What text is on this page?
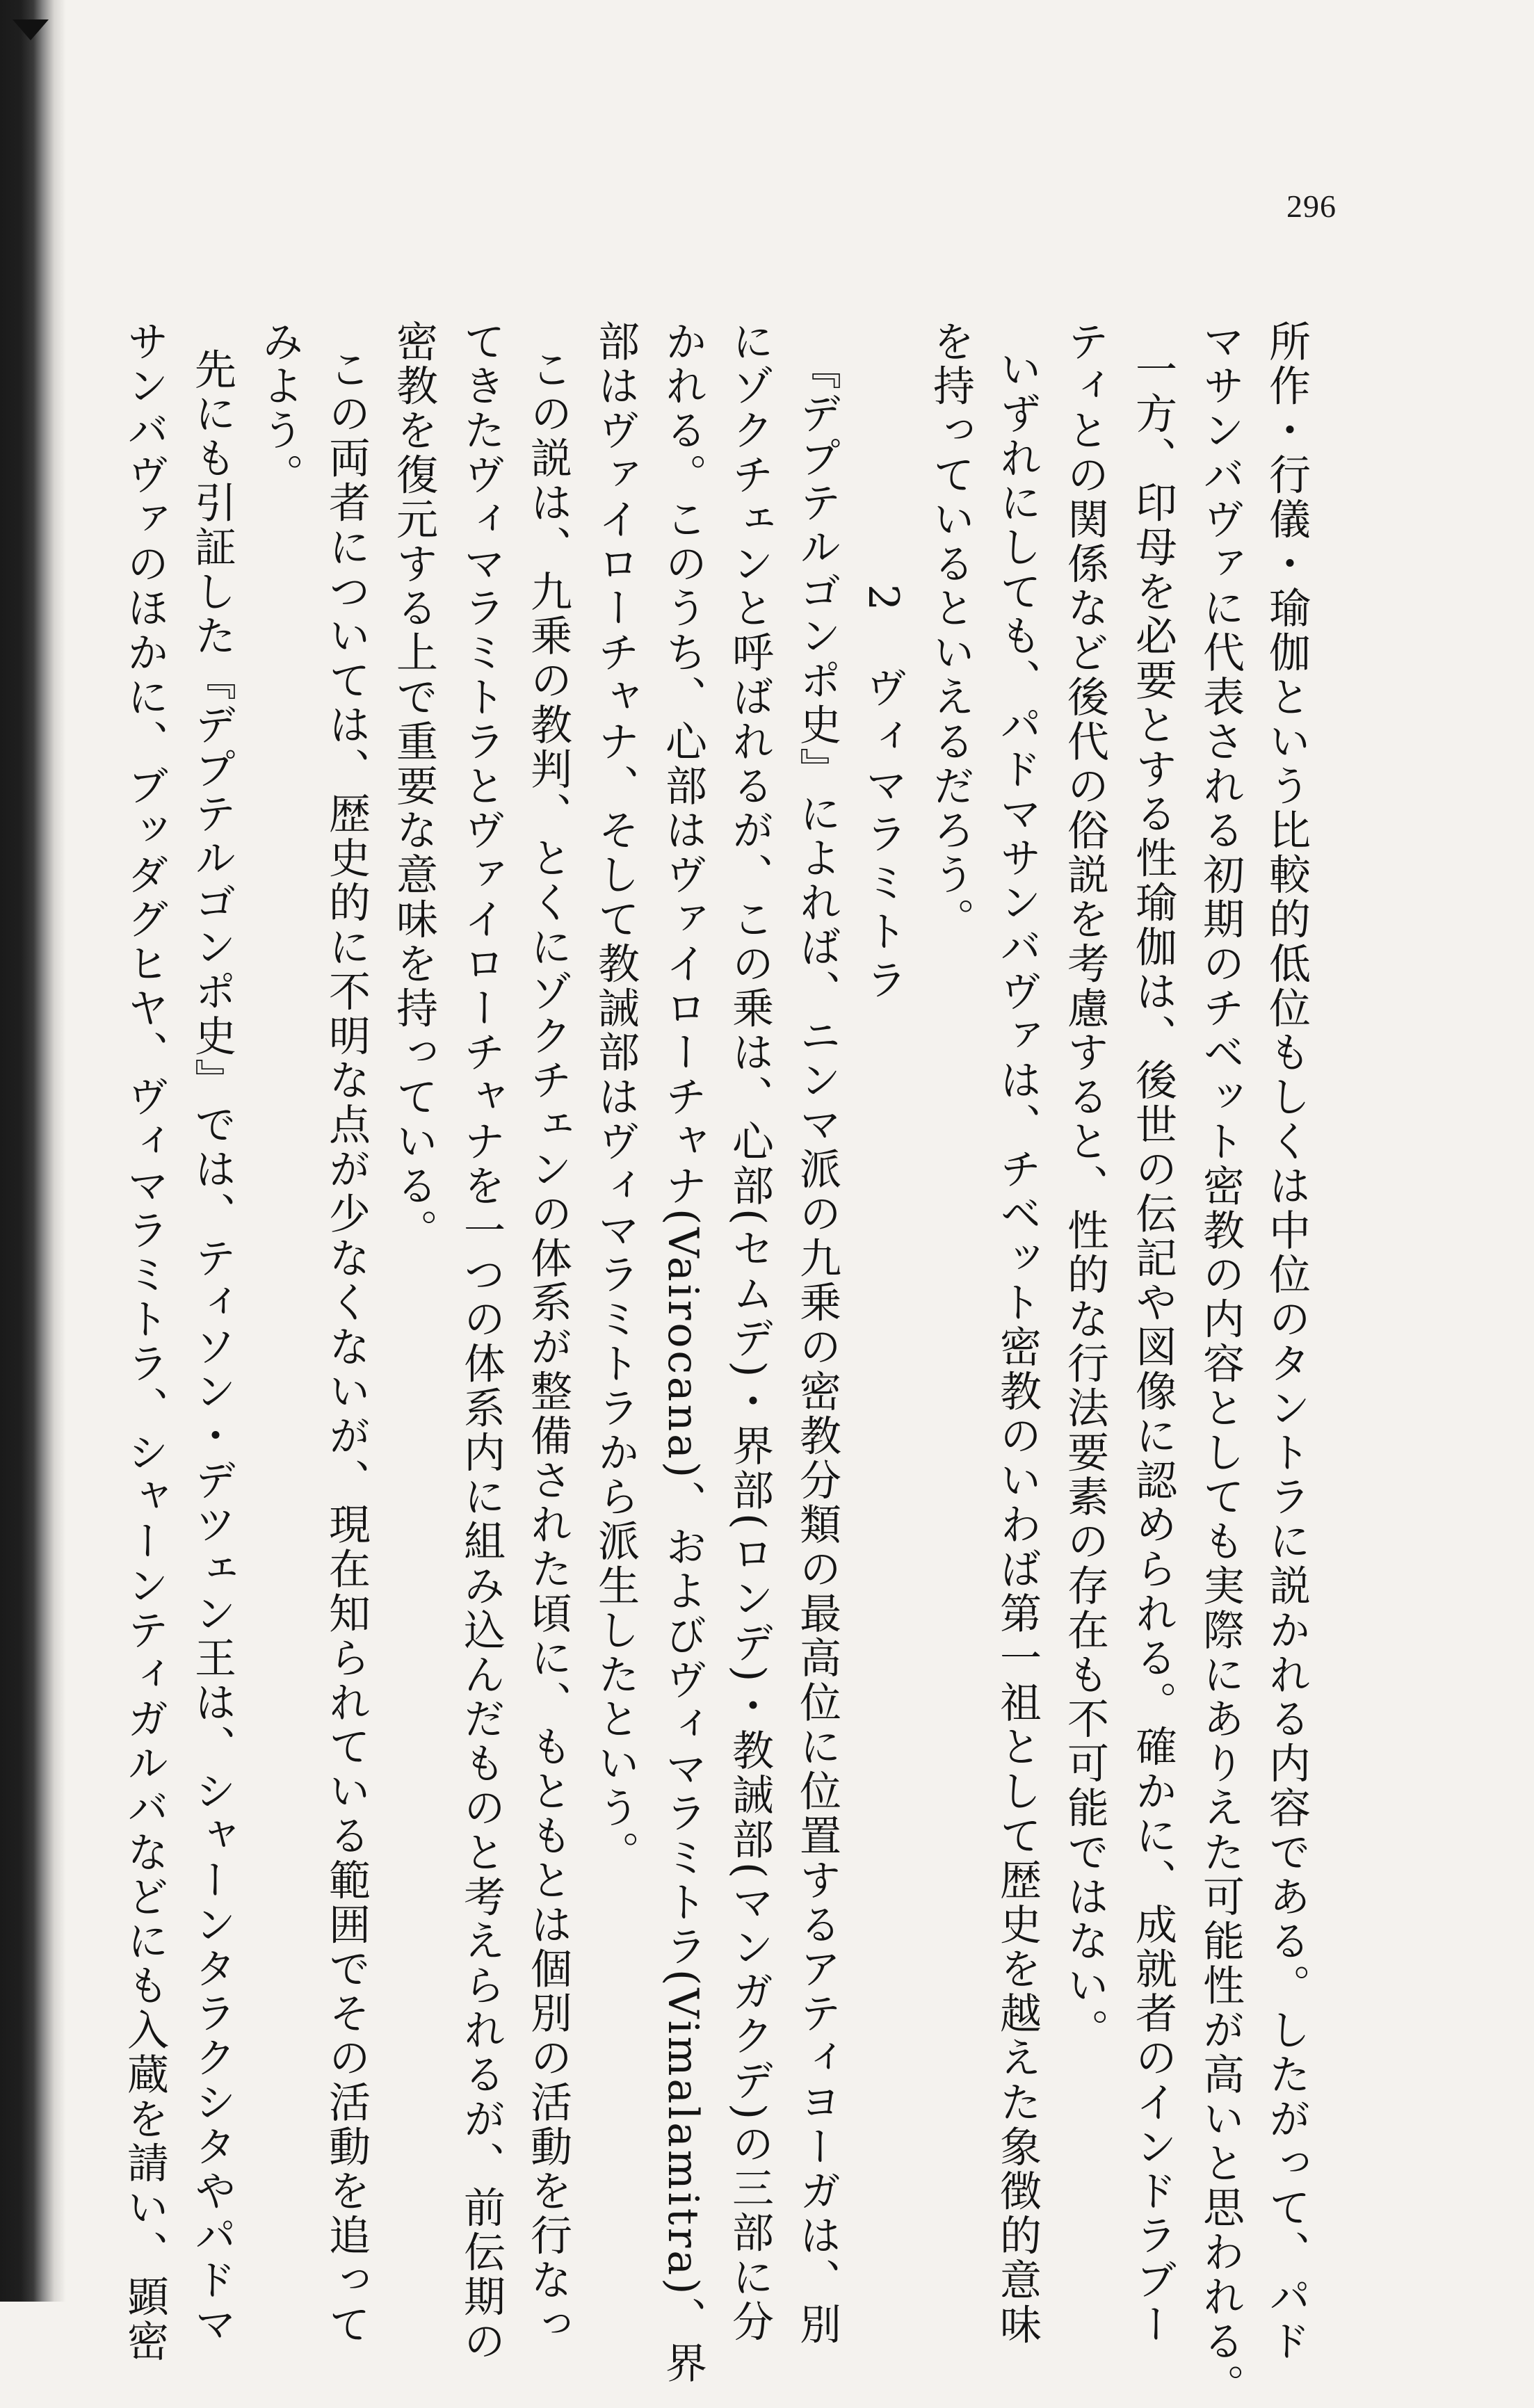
296
所作・行儀・瑜伽という比較的低位もしくは中位のタントラに説かれる内容である。したがって、パド
マサンバヴァに代表される初期のチベット密教の内容としても実際にありえた可能性が高いと思われる。
一方、印母を必要とする性瑜伽は、後世の伝記や図像に認められる。確かに、成就者のインドラブー
ティとの関係など後代の俗説を考慮すると、性的な行法要素の存在も不可能ではない。
いずれにしても、パドマサンバヴァは、チベット密教のいわば第一祖として歴史を越えた象徴的意味
を持っているといえるだろう。
2　ヴィマラミトラ
『デプテルゴンポ史』によれば、ニンマ派の九乗の密教分類の最高位に位置するアティヨーガは、別
にゾクチェンと呼ばれるが、この乗は、心部(セムデ)・界部(ロンデ)・教誡部(マンガクデ)の三部に分
かれる。このうち、心部はヴァイローチャナ(Vairocana)、およびヴィマラミトラ(Vimalamitra)、界
部はヴァイローチャナ、そして教誡部はヴィマラミトラから派生したという。
この説は、九乗の教判、とくにゾクチェンの体系が整備された頃に、もともとは個別の活動を行なっ
てきたヴィマラミトラとヴァイローチャナを一つの体系内に組み込んだものと考えられるが、前伝期の
密教を復元する上で重要な意味を持っている。
この両者については、歴史的に不明な点が少なくないが、現在知られている範囲でその活動を追って
みよう。
先にも引証した『デプテルゴンポ史』では、ティソン・デツェン王は、シャーンタラクシタやパドマ
サンバヴァのほかに、ブッダグヒヤ、ヴィマラミトラ、シャーンティガルバなどにも入蔵を請い、顕密
